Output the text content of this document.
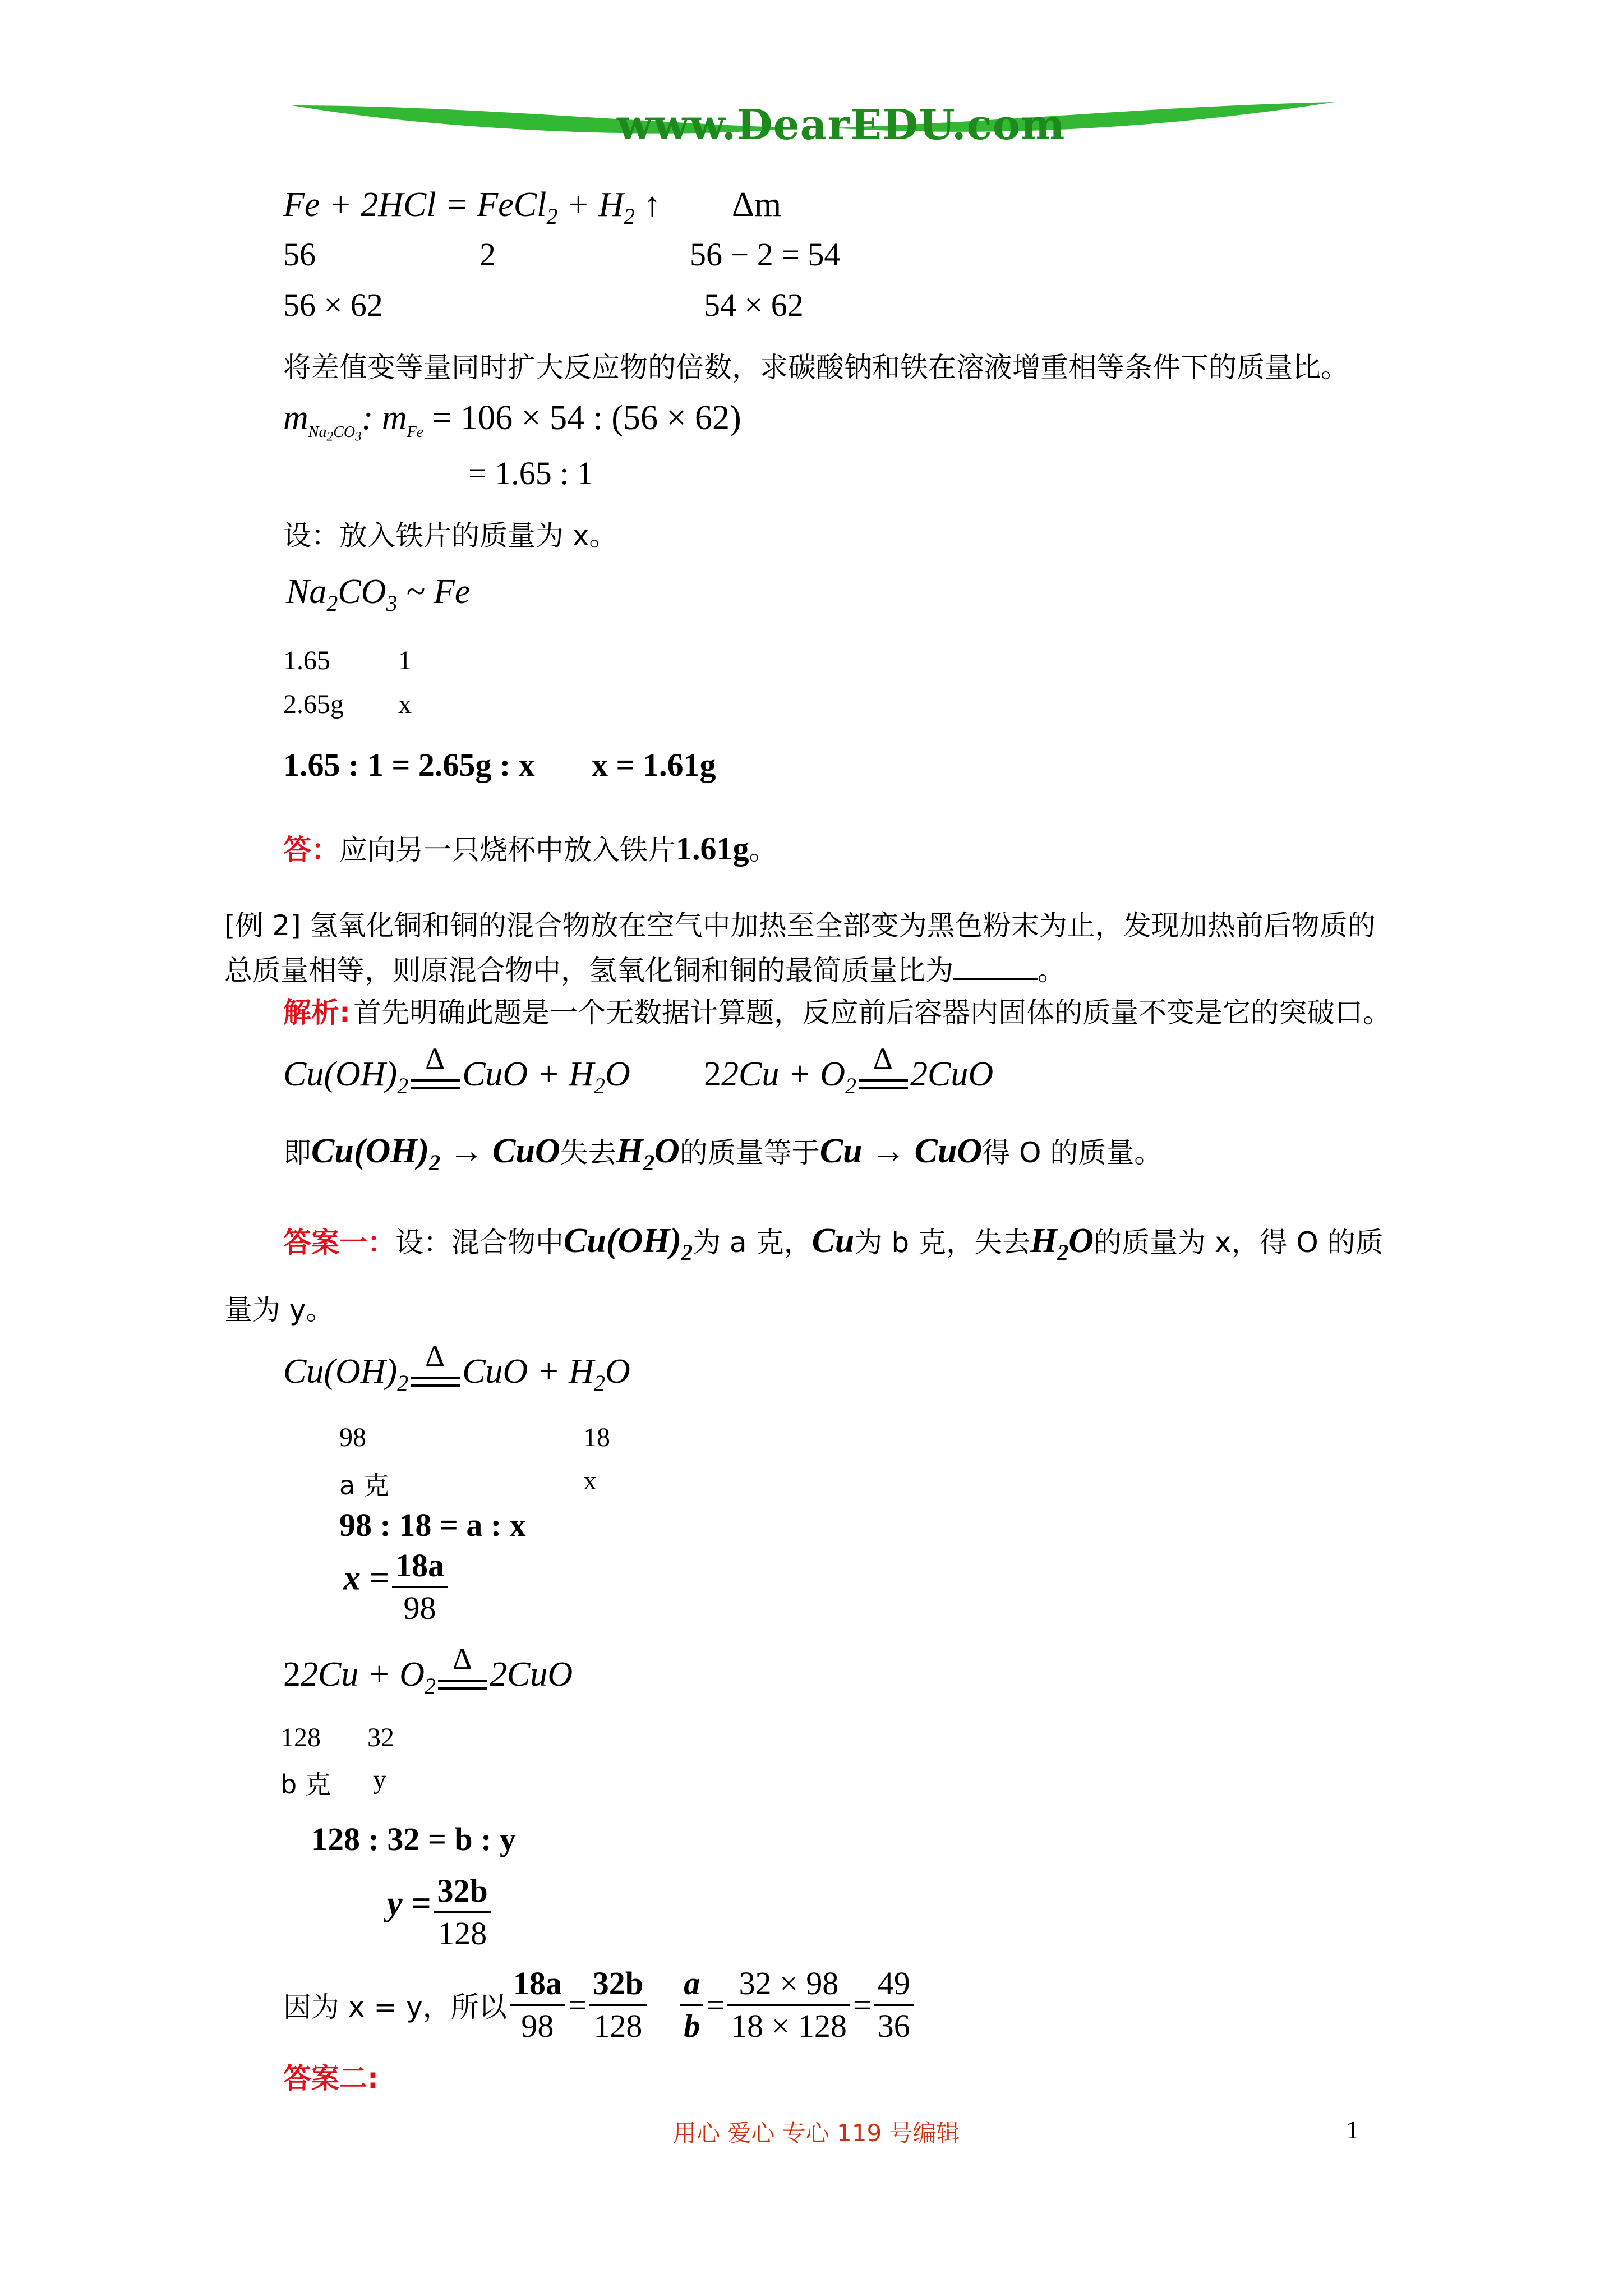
www.DearEDU.com
Fe + 2HCl = FeCl$_2$ + $H_2$ ↑ Δm
56	2	56 − 2 = 54
56 × 62	54 × 62
将差值变等量同时扩大反应物的倍数，求碳酸钠和铁在溶液增重相等条件下的质量比。
$m_{Na_2CO_3}$: $m_{Fe} = 106 \times 54$ : (56 × 62)
= 1.65 : 1
设：放入铁片的质量为 x。
$Na_2CO_3$ ~ Fe
1.65	1
2.65g x
1.65 : 1 = 2.65g : x x = 1.61g
答：应向另一只烧杯中放入铁片1.61g。
[例 2] 氢氧化铜和铜的混合物放在空气中加热至全部变为黑色粉末为止，发现加热前后物质的
总质量相等，则原混合物中，氢氧化铜和铜的最简质量比为	。
解析: 首先明确此题是一个无数据计算题，反应前后容器内固体的质量不变是它的突破口。
$Cu(OH)_2$
Δ CuO + $H_2O$ $22Cu + O_2$
Δ 2CuO
即Cu(OH)2 → CuO失去H2O的质量等于Cu → CuO得 O 的质量。
答案一：设：混合物中Cu(OH)2为 a 克，Cu为 b 克，失去H2O的质量为 x，得 O 的质
量为 y。
$Cu(OH)_2$
Δ CuO + $H_2O$
98	18
a 克	x
98 : 18 = a : x
$x = \frac{18a}{98}$
$22Cu + O_2$
Δ 2CuO
128 32
b 克 y
128 : 32 = b : y
$y = \frac{32b}{128}$
因为 x = y，所以 $\frac{18a}{98} = \frac{32b}{128}$
$\frac{a}{b} = \frac{32 \times 98}{18 \times 128} = \frac{49}{36}$
答案二:
用心 爱心 专心 119 号编辑	1
